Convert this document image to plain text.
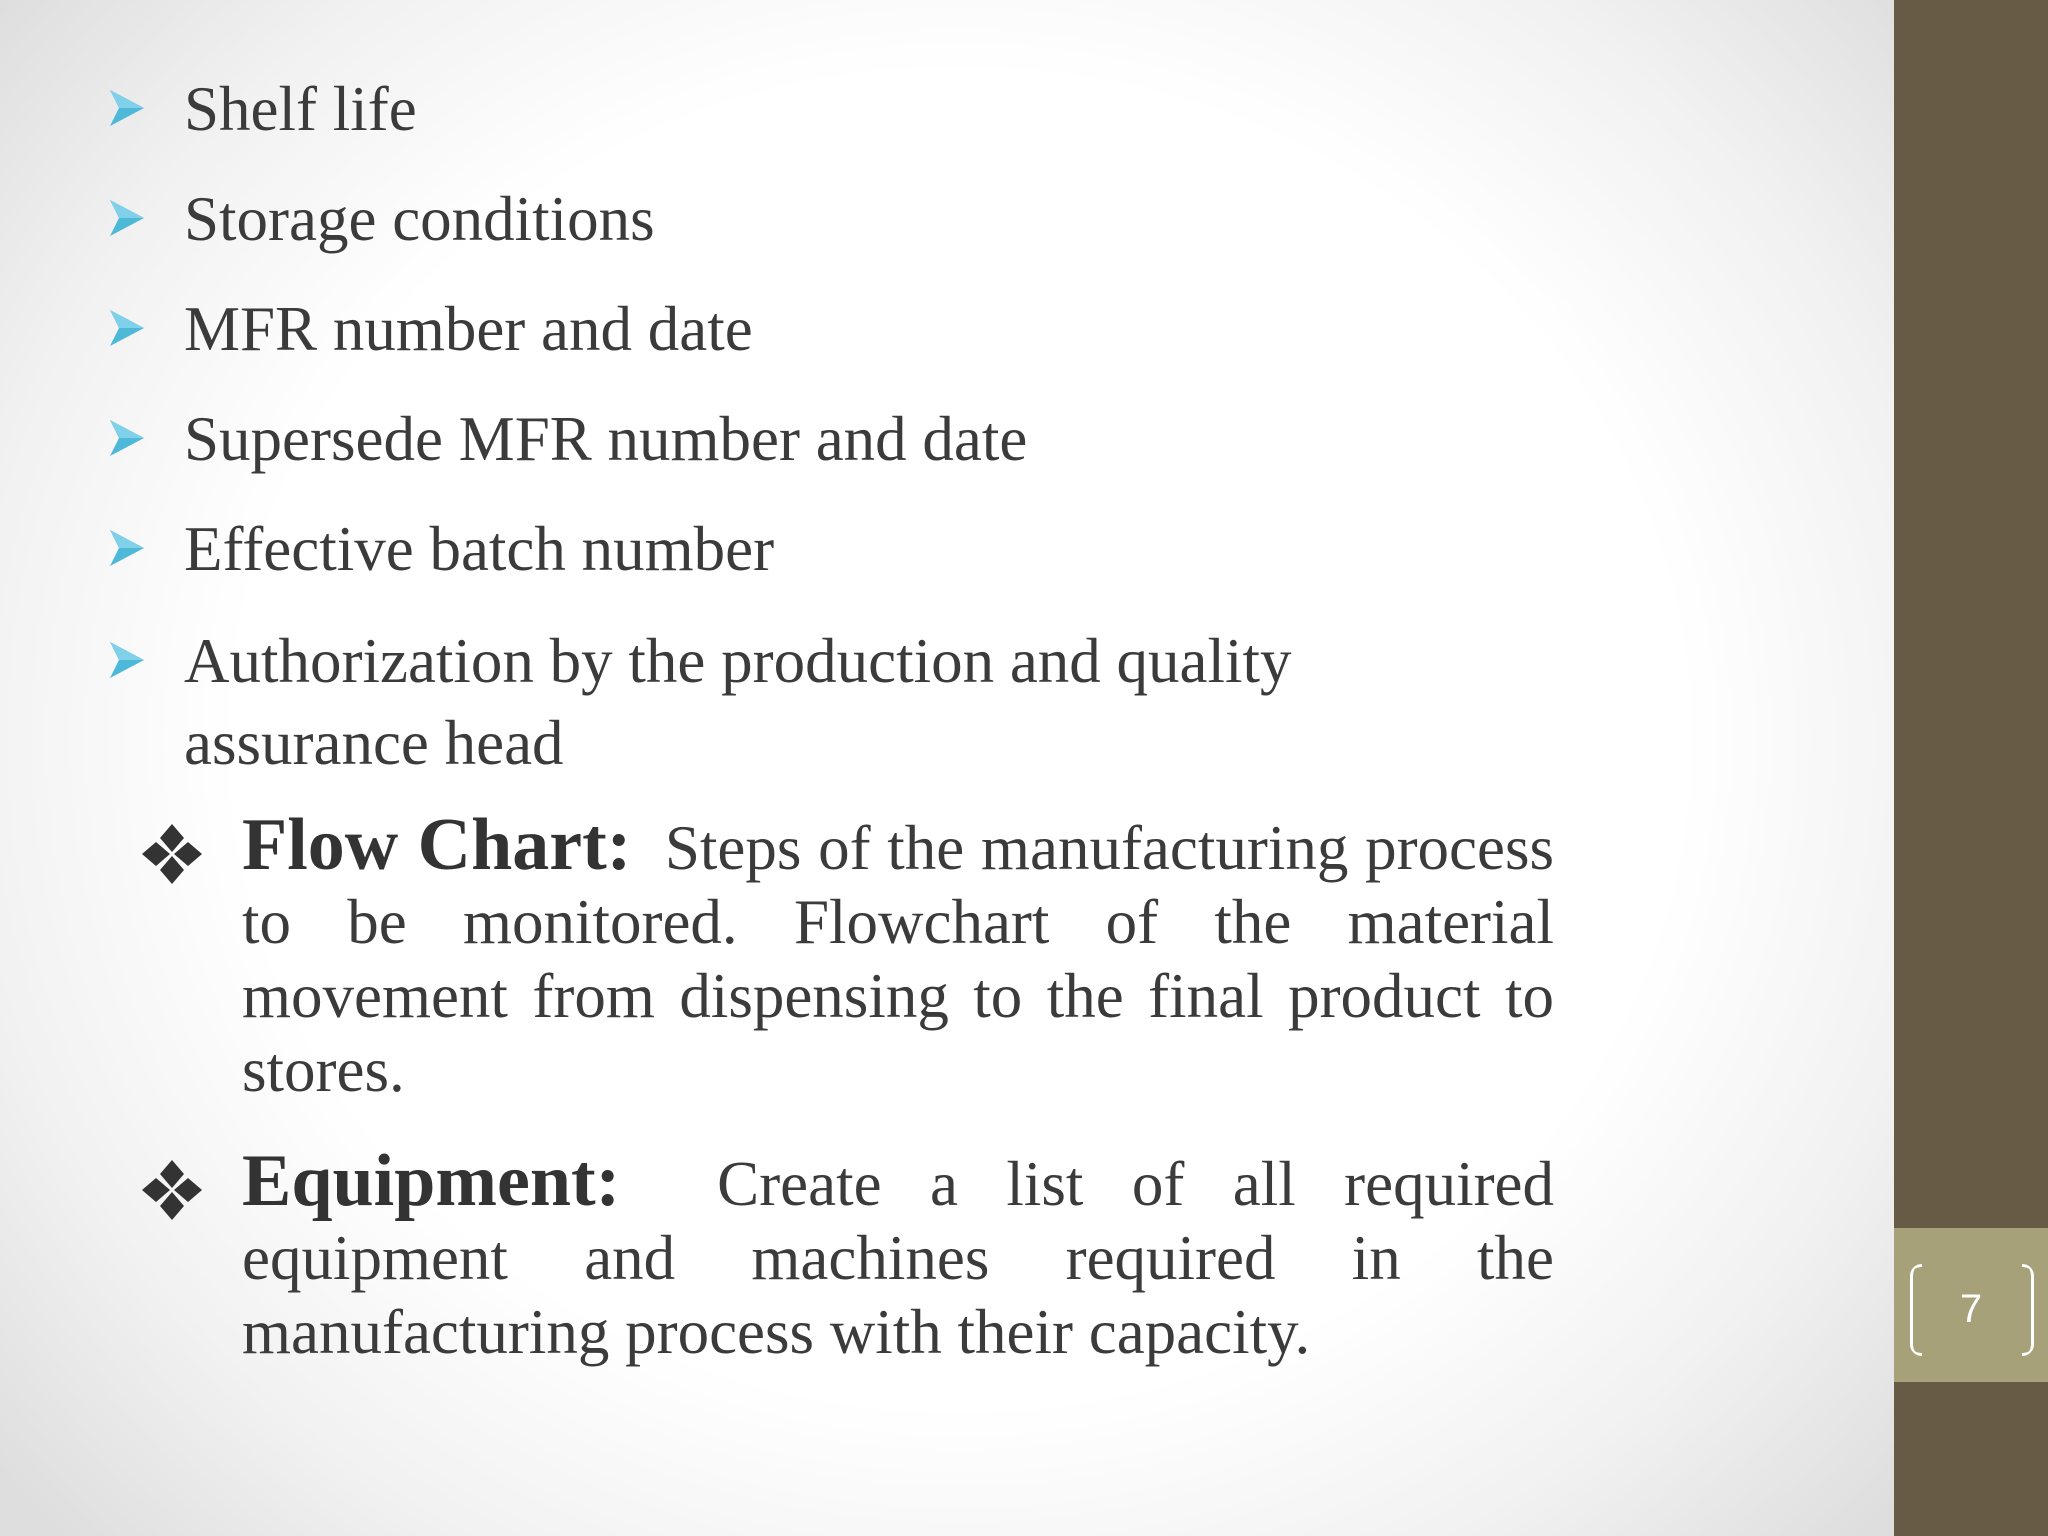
Shelf life
Storage conditions
MFR number and date
Supersede MFR number and date
Effective batch number
Authorization by the production and quality assurance head
Flow Chart: Steps of the manufacturing process to be monitored. Flowchart of the material movement from dispensing to the final product to stores.
Equipment: Create a list of all required equipment and machines required in the manufacturing process with their capacity.	7
